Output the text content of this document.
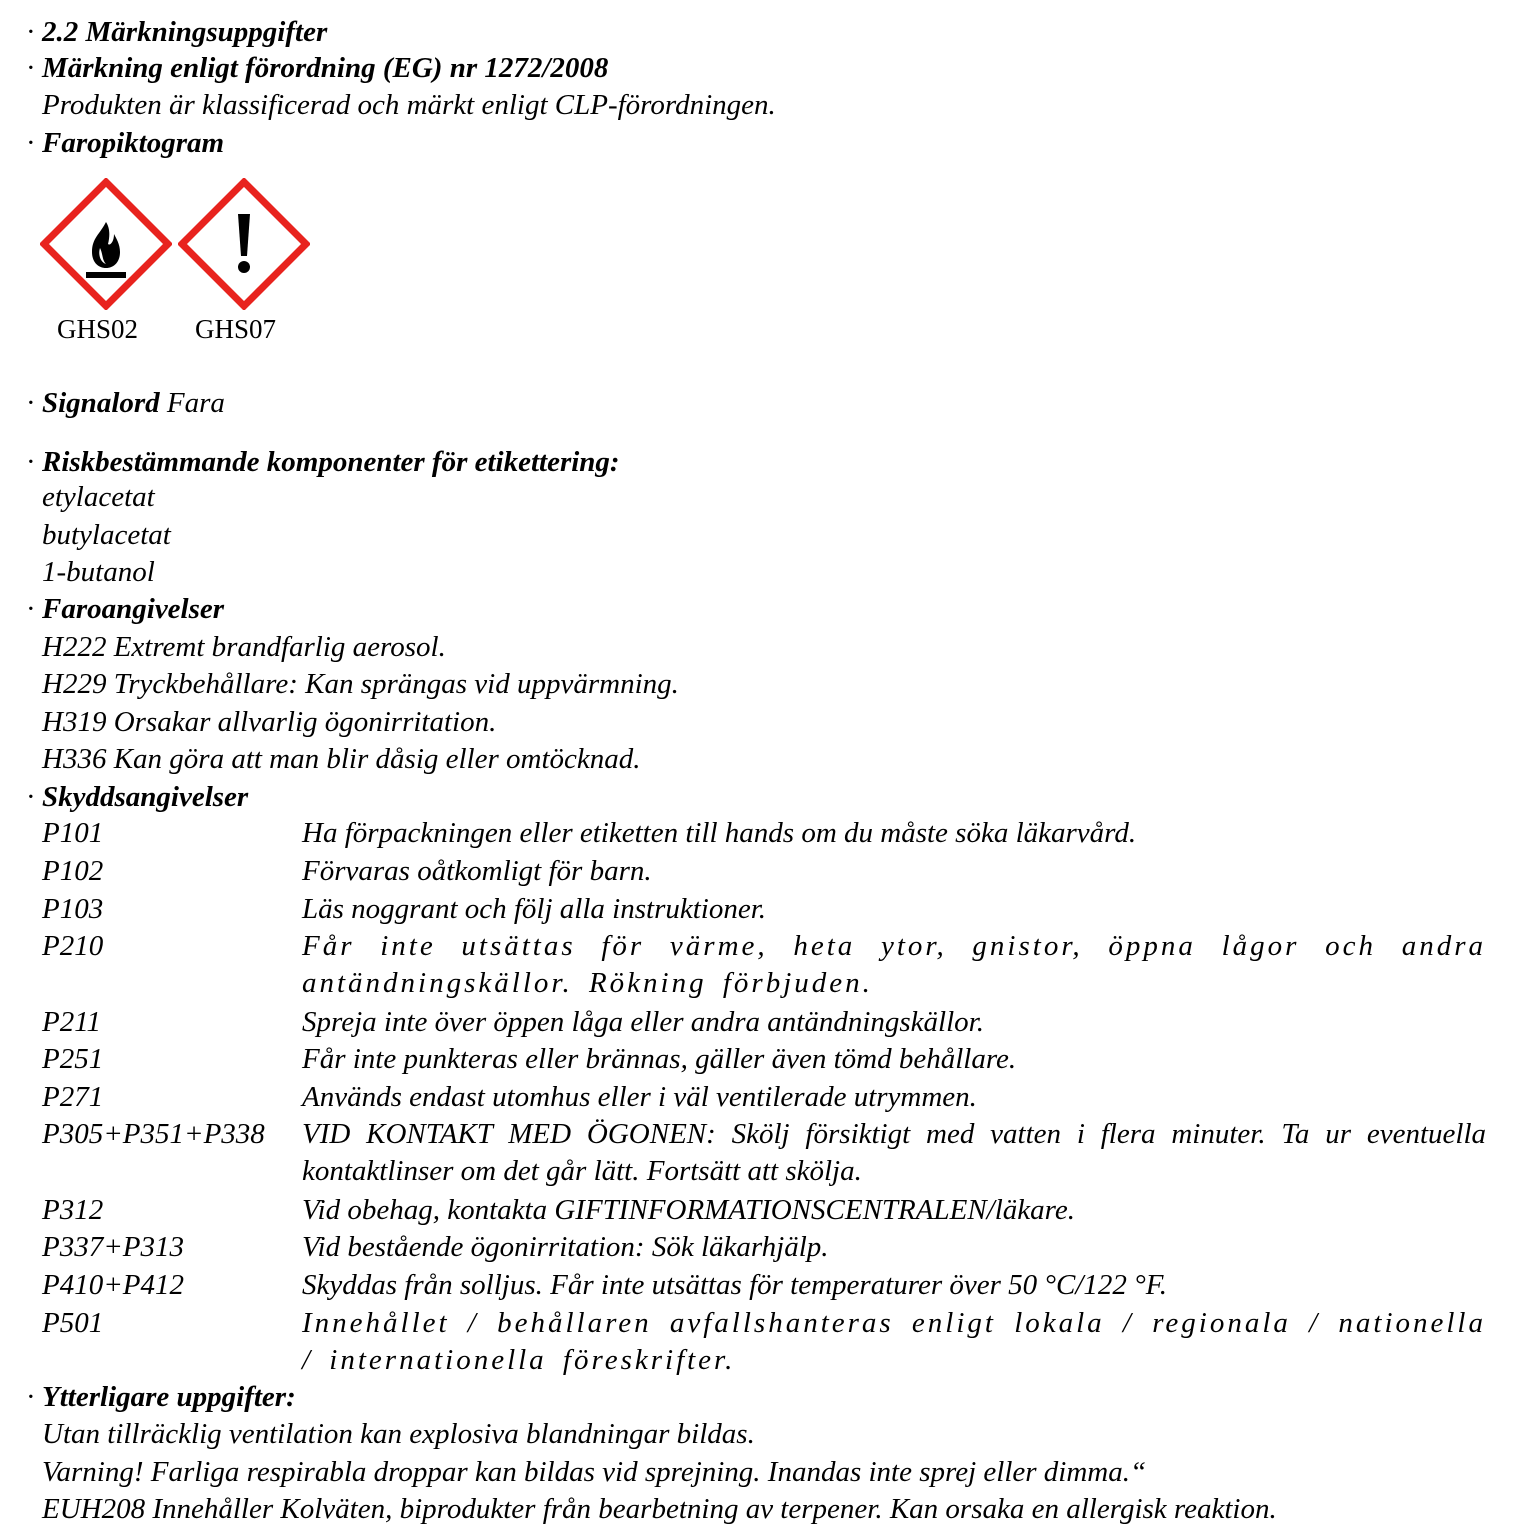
· 2.2 Märkningsuppgifter
· Märkning enligt förordning (EG) nr 1272/2008
Produkten är klassificerad och märkt enligt CLP-förordningen.
· Faropiktogram
GHS02 GHS07
· Signalord Fara
· Riskbestämmande komponenter för etikettering:
etylacetat
butylacetat
1-butanol
· Faroangivelser
H222 Extremt brandfarlig aerosol.
H229 Tryckbehållare: Kan sprängas vid uppvärmning.
H319 Orsakar allvarlig ögonirritation.
H336 Kan göra att man blir dåsig eller omtöcknad.
· Skyddsangivelser
P101	Ha förpackningen eller etiketten till hands om du måste söka läkarvård.
P102	Förvaras oåtkomligt för barn.
P103	Läs noggrant och följ alla instruktioner.
P210	Får inte utsättas för värme, heta ytor, gnistor, öppna lågor och andra antändningskällor. Rökning förbjuden.
P211	Spreja inte över öppen låga eller andra antändningskällor.
P251	Får inte punkteras eller brännas, gäller även tömd behållare.
P271	Används endast utomhus eller i väl ventilerade utrymmen.
P305+P351+P338 VID KONTAKT MED ÖGONEN: Skölj försiktigt med vatten i flera minuter. Ta ur eventuella kontaktlinser om det går lätt. Fortsätt att skölja.
P312	Vid obehag, kontakta GIFTINFORMATIONSCENTRALEN/läkare.
P337+P313	Vid bestående ögonirritation: Sök läkarhjälp.
P410+P412	Skyddas från solljus. Får inte utsättas för temperaturer över 50 °C/122 °F.
P501	Innehållet / behållaren avfallshanteras enligt lokala / regionala / nationella / internationella föreskrifter.
· Ytterligare uppgifter:
Utan tillräcklig ventilation kan explosiva blandningar bildas.
Varning! Farliga respirabla droppar kan bildas vid sprejning. Inandas inte sprej eller dimma.“
EUH208 Innehåller Kolväten, biprodukter från bearbetning av terpener. Kan orsaka en allergisk reaktion.
